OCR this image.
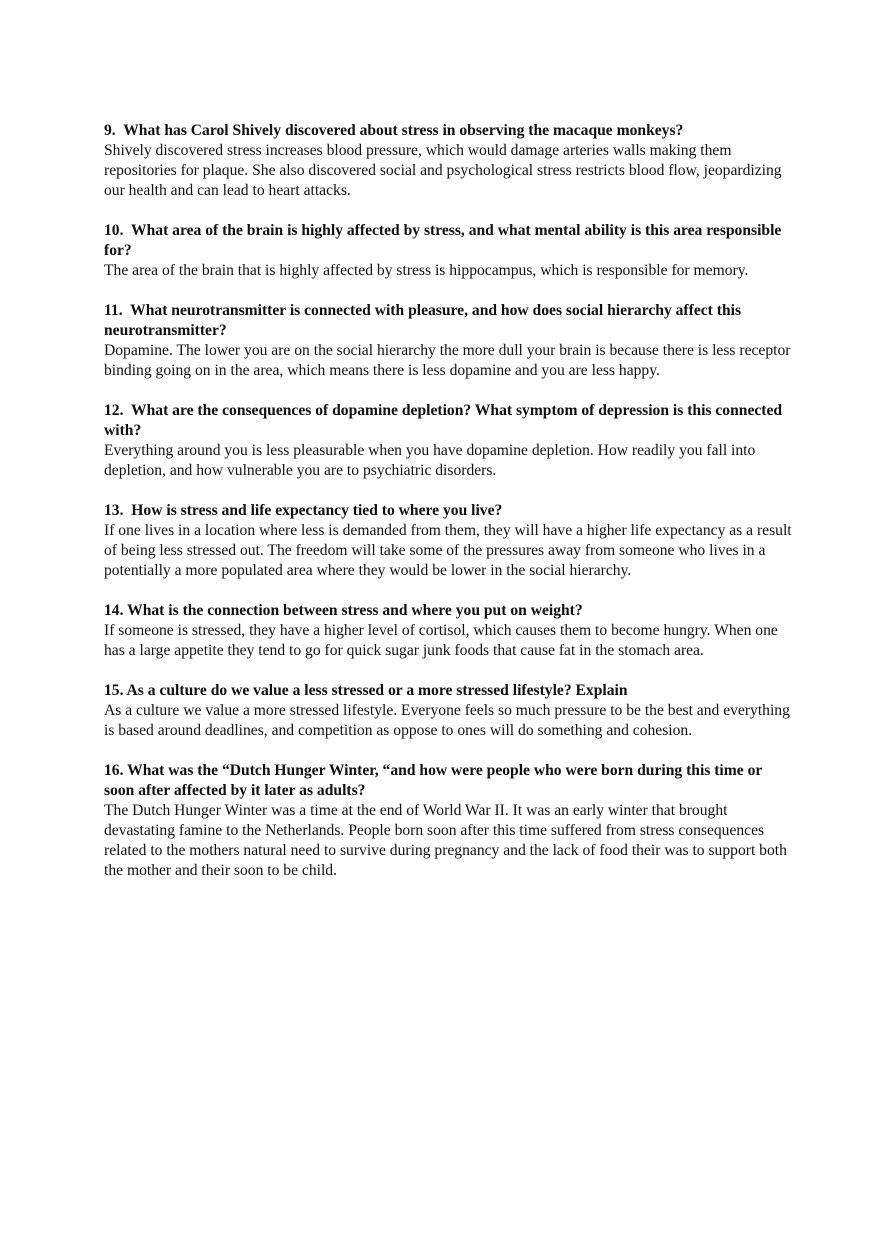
9.  What has Carol Shively discovered about stress in observing the macaque monkeys?

Shively discovered stress increases blood pressure, which would damage arteries walls making them repositories for plaque. She also discovered social and psychological stress restricts blood flow, jeopardizing our health and can lead to heart attacks.

10.  What area of the brain is highly affected by stress, and what mental ability is this area responsible for?

The area of the brain that is highly affected by stress is hippocampus, which is responsible for memory.

11.  What neurotransmitter is connected with pleasure, and how does social hierarchy affect this neurotransmitter?

Dopamine. The lower you are on the social hierarchy the more dull your brain is because there is less receptor binding going on in the area, which means there is less dopamine and you are less happy.

12.  What are the consequences of dopamine depletion? What symptom of depression is this connected with?

Everything around you is less pleasurable when you have dopamine depletion. How readily you fall into depletion, and how vulnerable you are to psychiatric disorders.

13.  How is stress and life expectancy tied to where you live?

If one lives in a location where less is demanded from them, they will have a higher life expectancy as a result of being less stressed out. The freedom will take some of the pressures away from someone who lives in a potentially a more populated area where they would be lower in the social hierarchy.

14. What is the connection between stress and where you put on weight?

If someone is stressed, they have a higher level of cortisol, which causes them to become hungry. When one has a large appetite they tend to go for quick sugar junk foods that cause fat in the stomach area.

15. As a culture do we value a less stressed or a more stressed lifestyle? Explain

As a culture we value a more stressed lifestyle. Everyone feels so much pressure to be the best and everything is based around deadlines, and competition as oppose to ones will do something and cohesion.

16. What was the “Dutch Hunger Winter, “and how were people who were born during this time or soon after affected by it later as adults?

The Dutch Hunger Winter was a time at the end of World War II. It was an early winter that brought devastating famine to the Netherlands. People born soon after this time suffered from stress consequences related to the mothers natural need to survive during pregnancy and the lack of food their was to support both the mother and their soon to be child.
